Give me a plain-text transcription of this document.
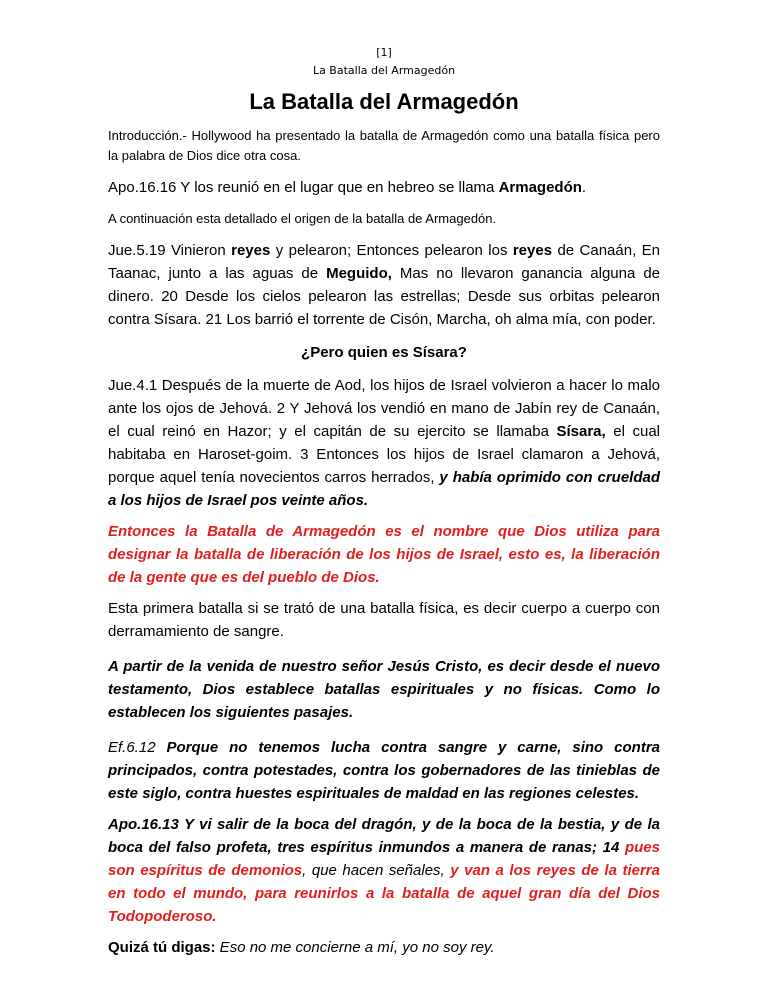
[1]
La Batalla del Armagedón
La Batalla del Armagedón

Introducción.- Hollywood ha presentado la batalla de Armagedón como una batalla física pero la palabra de Dios dice otra cosa.

Apo.16.16 Y los reunió en el lugar que en hebreo se llama Armagedón.

A continuación esta detallado el origen de la batalla de Armagedón.

Jue.5.19 Vinieron reyes y pelearon; Entonces pelearon los reyes de Canaán, En Taanac, junto a las aguas de Meguido, Mas no llevaron ganancia alguna de dinero. 20 Desde los cielos pelearon las estrellas; Desde sus orbitas pelearon contra Sísara. 21 Los barrió el torrente de Cisón, Marcha, oh alma mía, con poder.

¿Pero quien es Sísara?

Jue.4.1 Después de la muerte de Aod, los hijos de Israel volvieron a hacer lo malo ante los ojos de Jehová. 2 Y Jehová los vendió en mano de Jabín rey de Canaán, el cual reinó en Hazor; y el capitán de su ejercito se llamaba Sísara, el cual habitaba en Haroset-goim. 3 Entonces los hijos de Israel clamaron a Jehová, porque aquel tenía novecientos carros herrados, y había oprimido con crueldad a los hijos de Israel pos veinte años.

Entonces la Batalla de Armagedón es el nombre que Dios utiliza para designar la batalla de liberación de los hijos de Israel, esto es, la liberación de la gente que es del pueblo de Dios.

Esta primera batalla si se trató de una batalla física, es decir cuerpo a cuerpo con derramamiento de sangre.

A partir de la venida de nuestro señor Jesús Cristo, es decir desde el nuevo testamento, Dios establece batallas espirituales y no físicas. Como lo establecen los siguientes pasajes.

Ef.6.12 Porque no tenemos lucha contra sangre y carne, sino contra principados, contra potestades, contra los gobernadores de las tinieblas de este siglo, contra huestes espirituales de maldad en las regiones celestes.

Apo.16.13 Y vi salir de la boca del dragón, y de la boca de la bestia, y de la boca del falso profeta, tres espíritus inmundos a manera de ranas; 14 pues son espíritus de demonios, que hacen señales, y van a los reyes de la tierra en todo el mundo, para reunirlos a la batalla de aquel gran día del Dios Todopoderoso.

Quizá tú digas: Eso no me concierne a mí, yo no soy rey.
